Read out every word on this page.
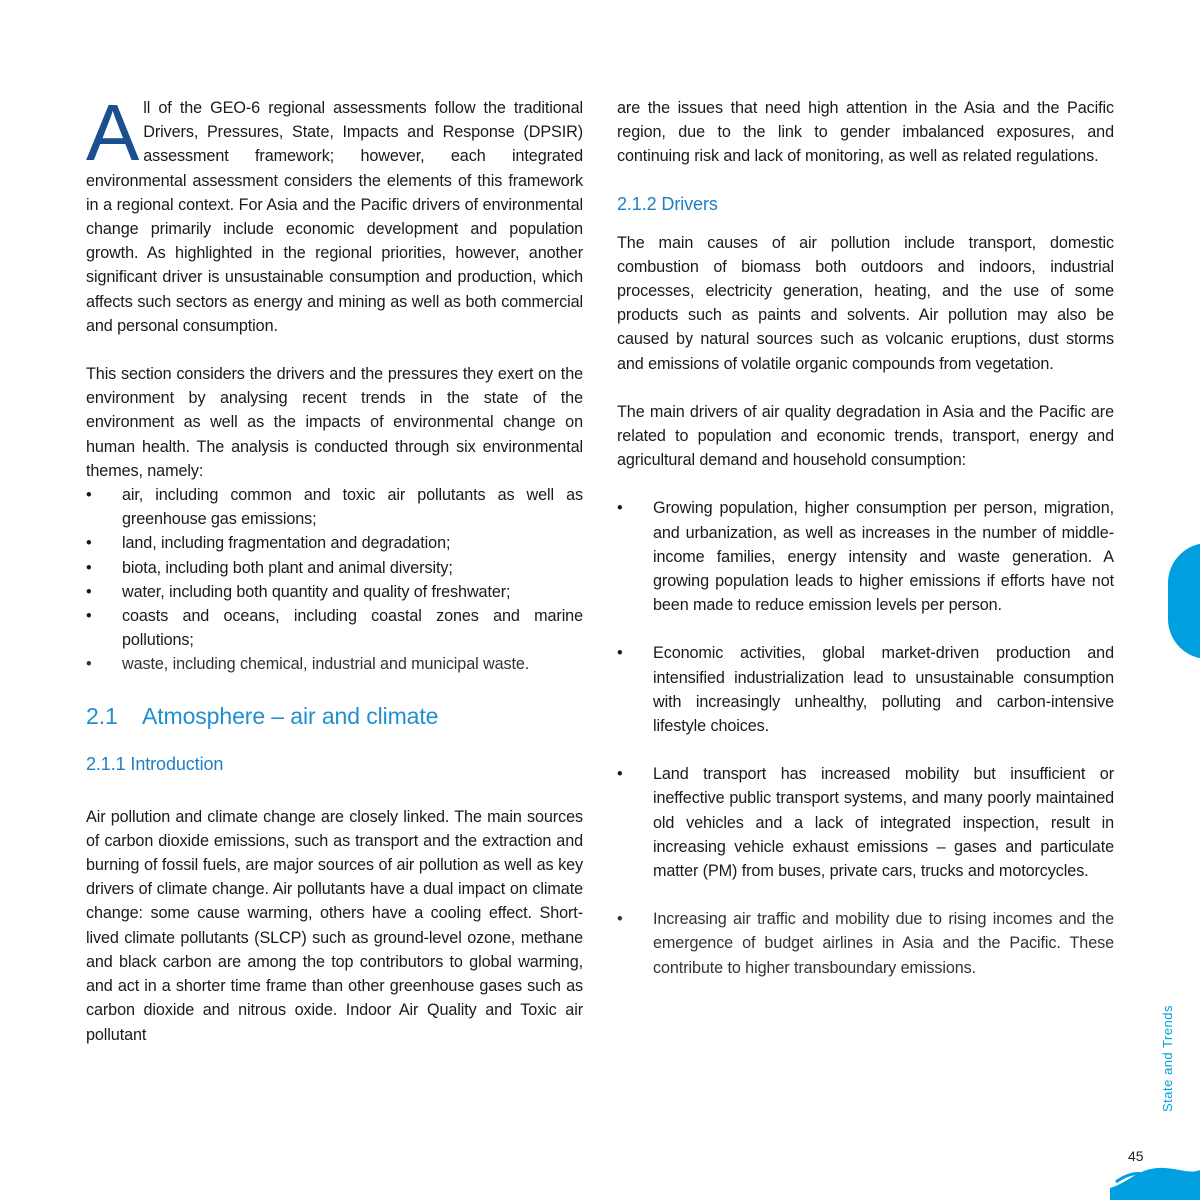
All of the GEO-6 regional assessments follow the traditional Drivers, Pressures, State, Impacts and Response (DPSIR) assessment framework; however, each integrated environmental assessment considers the elements of this framework in a regional context. For Asia and the Pacific drivers of environmental change primarily include economic development and population growth. As highlighted in the regional priorities, however, another significant driver is unsustainable consumption and production, which affects such sectors as energy and mining as well as both commercial and personal consumption.

This section considers the drivers and the pressures they exert on the environment by analysing recent trends in the state of the environment as well as the impacts of environmental change on human health. The analysis is conducted through six environmental themes, namely:

•	air, including common and toxic air pollutants as well as greenhouse gas emissions;
•	land, including fragmentation and degradation;
•	biota, including both plant and animal diversity;
•	water, including both quantity and quality of freshwater;
•	coasts and oceans, including coastal zones and marine pollutions;
•	waste, including chemical, industrial and municipal waste.
2.1 Atmosphere – air and climate
2.1.1 Introduction

Air pollution and climate change are closely linked. The main sources of carbon dioxide emissions, such as transport and the extraction and burning of fossil fuels, are major sources of air pollution as well as key drivers of climate change. Air pollutants have a dual impact on climate change: some cause warming, others have a cooling effect. Short-lived climate pollutants (SLCP) such as ground-level ozone, methane and black carbon are among the top contributors to global warming, and act in a shorter time frame than other greenhouse gases such as carbon dioxide and nitrous oxide. Indoor Air Quality and Toxic air pollutant

are the issues that need high attention in the Asia and the Pacific region, due to the link to gender imbalanced exposures, and continuing risk and lack of monitoring, as well as related regulations.

2.1.2 Drivers

The main causes of air pollution include transport, domestic combustion of biomass both outdoors and indoors, industrial processes, electricity generation, heating, and the use of some products such as paints and solvents. Air pollution may also be caused by natural sources such as volcanic eruptions, dust storms and emissions of volatile organic compounds from vegetation.

The main drivers of air quality degradation in Asia and the Pacific are related to population and economic trends, transport, energy and agricultural demand and household consumption:

•	Growing population, higher consumption per person, migration, and urbanization, as well as increases in the number of middle-income families, energy intensity and waste generation. A growing population leads to higher emissions if efforts have not been made to reduce emission levels per person.
•	Economic activities, global market-driven production and intensified industrialization lead to unsustainable consumption with increasingly unhealthy, polluting and carbon-intensive lifestyle choices.
•	Land transport has increased mobility but insufficient or ineffective public transport systems, and many poorly maintained old vehicles and a lack of integrated inspection, result in increasing vehicle exhaust emissions – gases and particulate matter (PM) from buses, private cars, trucks and motorcycles.
•	Increasing air traffic and mobility due to rising incomes and the emergence of budget airlines in Asia and the Pacific. These contribute to higher transboundary emissions.
State and Trends
45
